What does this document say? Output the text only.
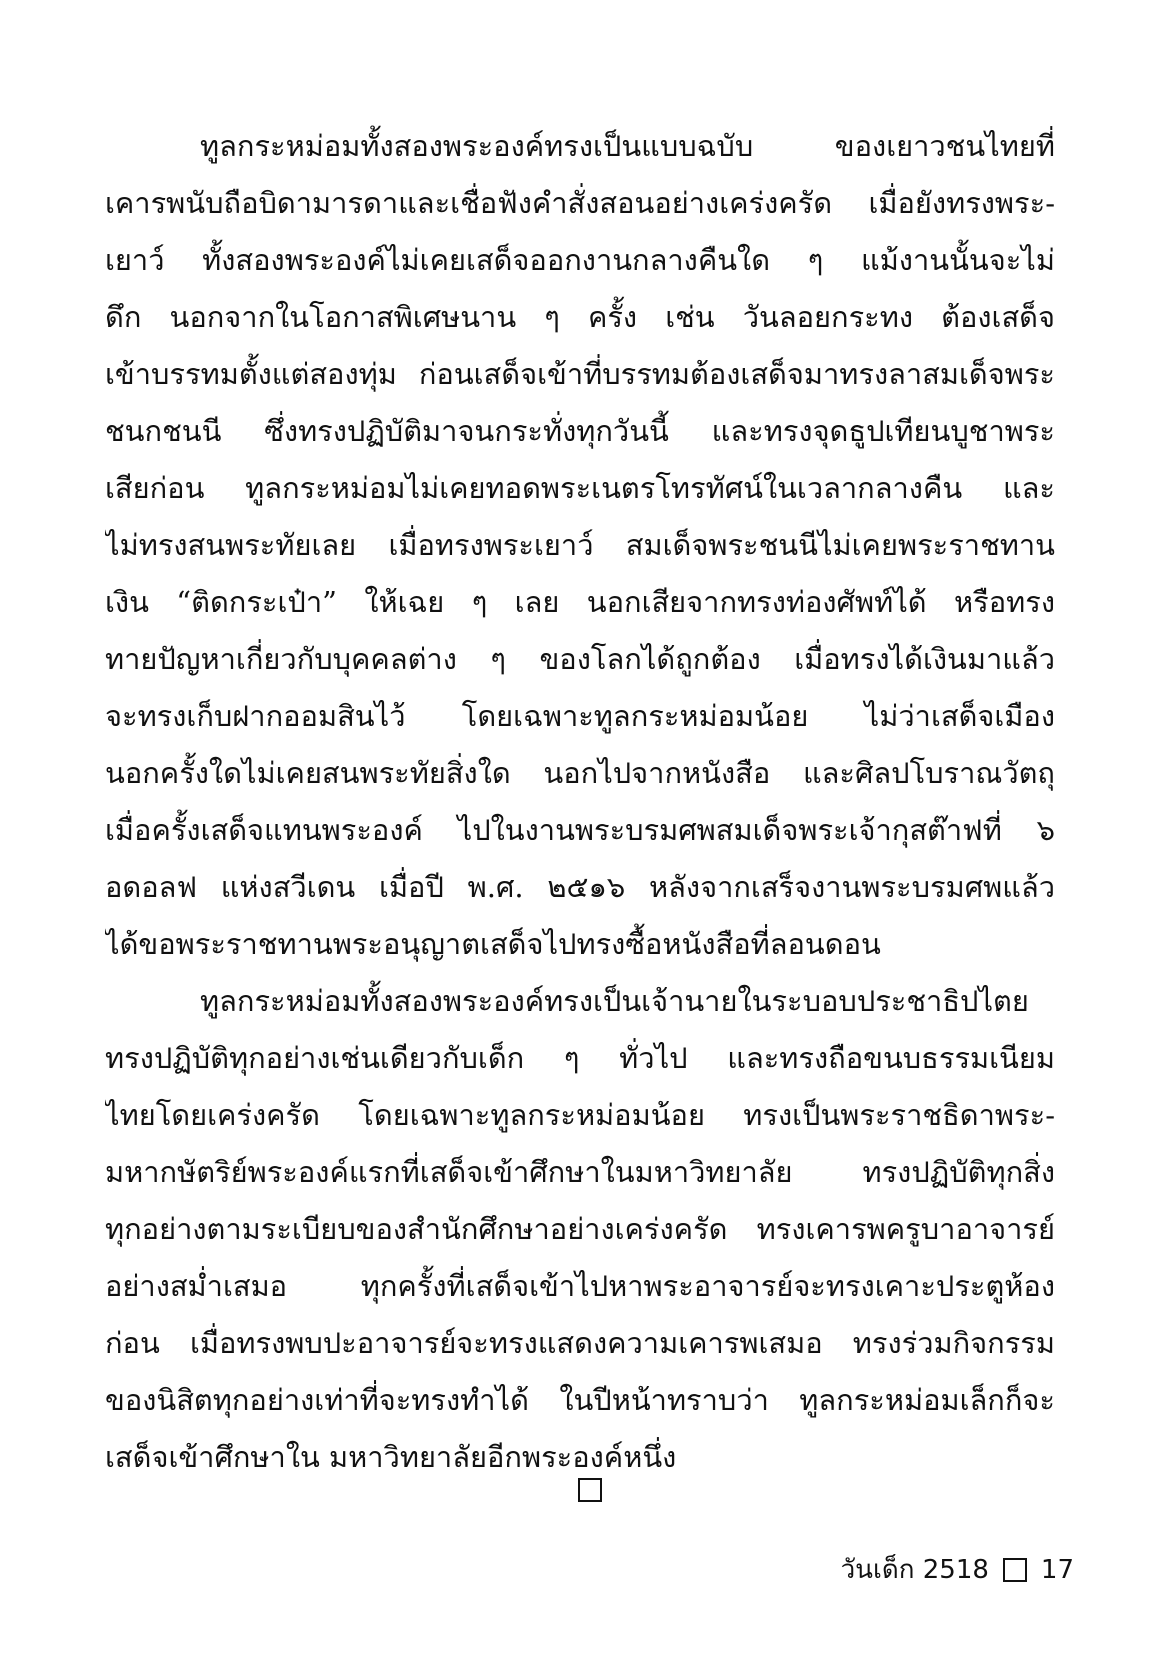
ทูลกระหม่อมทั้งสองพระองค์ทรงเป็นแบบฉบับ ของเยาวชนไทยที่
เคารพนับถือบิดามารดาและเชื่อฟังคำสั่งสอนอย่างเคร่งครัด เมื่อยังทรงพระ-
เยาว์ ทั้งสองพระองค์ไม่เคยเสด็จออกงานกลางคืนใด ๆ แม้งานนั้นจะไม่
ดึก นอกจากในโอกาสพิเศษนาน ๆ ครั้ง เช่น วันลอยกระทง ต้องเสด็จ
เข้าบรรทมตั้งแต่สองทุ่ม ก่อนเสด็จเข้าที่บรรทมต้องเสด็จมาทรงลาสมเด็จพระ
ชนกชนนี ซึ่งทรงปฏิบัติมาจนกระทั่งทุกวันนี้ และทรงจุดธูปเทียนบูชาพระ
เสียก่อน ทูลกระหม่อมไม่เคยทอดพระเนตรโทรทัศน์ในเวลากลางคืน และ
ไม่ทรงสนพระทัยเลย เมื่อทรงพระเยาว์ สมเด็จพระชนนีไม่เคยพระราชทาน
เงิน “ติดกระเป๋า” ให้เฉย ๆ เลย นอกเสียจากทรงท่องศัพท์ได้ หรือทรง
ทายปัญหาเกี่ยวกับบุคคลต่าง ๆ ของโลกได้ถูกต้อง เมื่อทรงได้เงินมาแล้ว
จะทรงเก็บฝากออมสินไว้ โดยเฉพาะทูลกระหม่อมน้อย ไม่ว่าเสด็จเมือง
นอกครั้งใดไม่เคยสนพระทัยสิ่งใด นอกไปจากหนังสือ และศิลปโบราณวัตถุ
เมื่อครั้งเสด็จแทนพระองค์ ไปในงานพระบรมศพสมเด็จพระเจ้ากุสต๊าฟที่ ๖
อดอลฟ แห่งสวีเดน เมื่อปี พ.ศ. ๒๕๑๖ หลังจากเสร็จงานพระบรมศพแล้ว
ได้ขอพระราชทานพระอนุญาตเสด็จไปทรงซื้อหนังสือที่ลอนดอน
ทูลกระหม่อมทั้งสองพระองค์ทรงเป็นเจ้านายในระบอบประชาธิปไตย
ทรงปฏิบัติทุกอย่างเช่นเดียวกับเด็ก ๆ ทั่วไป และทรงถือขนบธรรมเนียม
ไทยโดยเคร่งครัด โดยเฉพาะทูลกระหม่อมน้อย ทรงเป็นพระราชธิดาพระ-
มหากษัตริย์พระองค์แรกที่เสด็จเข้าศึกษาในมหาวิทยาลัย ทรงปฏิบัติทุกสิ่ง
ทุกอย่างตามระเบียบของสำนักศึกษาอย่างเคร่งครัด ทรงเคารพครูบาอาจารย์
อย่างสม่ำเสมอ ทุกครั้งที่เสด็จเข้าไปหาพระอาจารย์จะทรงเคาะประตูห้อง
ก่อน เมื่อทรงพบปะอาจารย์จะทรงแสดงความเคารพเสมอ ทรงร่วมกิจกรรม
ของนิสิตทุกอย่างเท่าที่จะทรงทำได้ ในปีหน้าทราบว่า ทูลกระหม่อมเล็กก็จะ
เสด็จเข้าศึกษาใน มหาวิทยาลัยอีกพระองค์หนึ่ง
วันเด็ก 2518 17
